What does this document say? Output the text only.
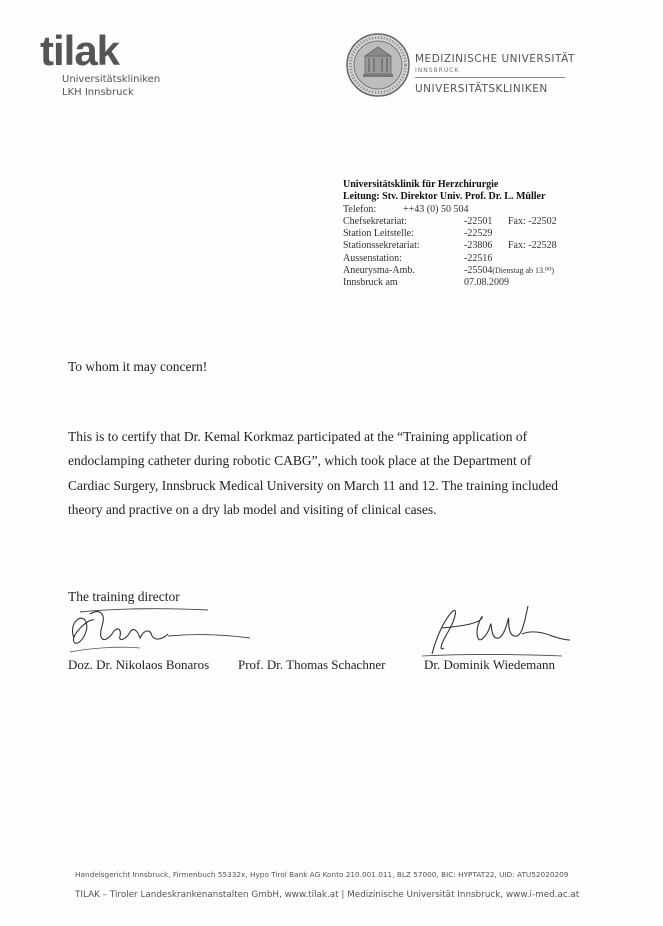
tilak
Universitätskliniken
LKH Innsbruck
MEDIZINISCHE UNIVERSITÄT
INNSBRUCK
UNIVERSITÄTSKLINIKEN
Universitätsklinik für Herzchirurgie
Leitung: Stv. Direktor Univ. Prof. Dr. L. Müller
Telefon:	++43 (0) 50 504
Chefsekretariat:	-22501 Fax: -22502
Station Leitstelle:	-22529
Stationssekretariat:	-23806 Fax: -22528
Aussenstation:	-22516
Aneurysma-Amb.	-25504(Dienstag ab 13.⁰⁰)
Innsbruck am	07.08.2009
To whom it may concern!
This is to certify that Dr. Kemal Korkmaz participated at the “Training application of endoclamping catheter during robotic CABG”, which took place at the Department of Cardiac Surgery, Innsbruck Medical University on March 11 and 12. The training included theory and practive on a dry lab model and visiting of clinical cases.
The training director
Doz. Dr. Nikolaos Bonaros Prof. Dr. Thomas Schachner	Dr. Dominik Wiedemann
Handelsgericht Innsbruck, Firmenbuch 55332x, Hypo Tirol Bank AG Konto 210.001.011, BLZ 57000, BIC: HYPTAT22, UID: ATU52020209
TILAK – Tiroler Landeskrankenanstalten GmbH, www.tilak.at | Medizinische Universität Innsbruck, www.i-med.ac.at
